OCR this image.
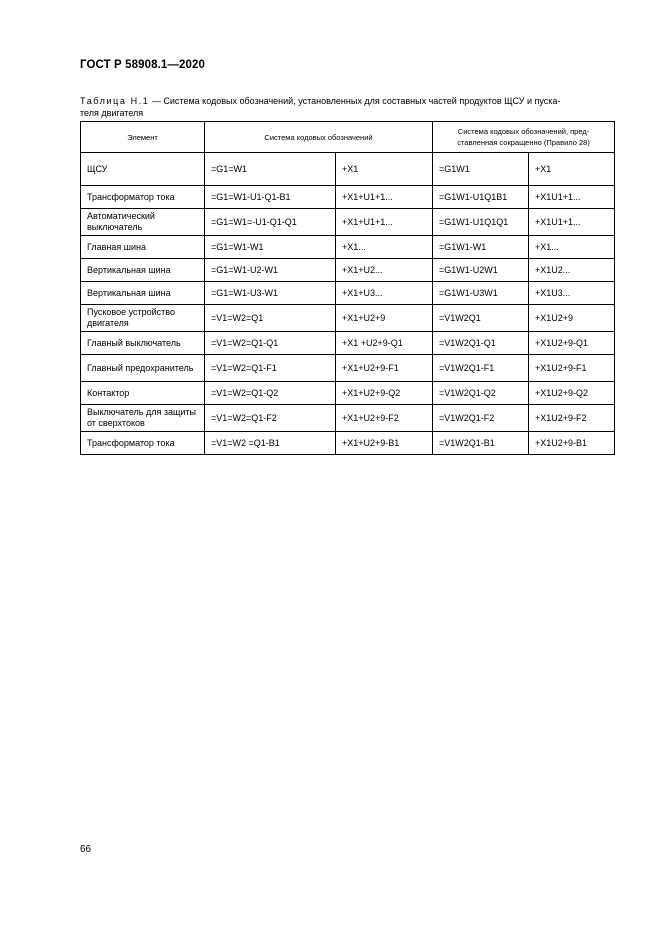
ГОСТ Р 58908.1—2020
Таблица Н.1 — Система кодовых обозначений, установленных для составных частей продуктов ЩСУ и пуска-
теля двигателя
Элемент	Система кодовых обозначений		Система кодовых обозначений, пред-
ставленная сокращенно (Правило 28)	
ЩСУ	=G1=W1	+X1	=G1W1	+X1
Трансформатор тока	=G1=W1-U1-Q1-B1	+X1+U1+1...	=G1W1-U1Q1B1	+X1U1+1...
Автоматический выключатель	=G1=W1=-U1-Q1-Q1	+X1+U1+1...	=G1W1-U1Q1Q1	+X1U1+1...
Главная шина	=G1=W1-W1	+X1...	=G1W1-W1	+X1...
Вертикальная шина	=G1=W1-U2-W1	+X1+U2...	=G1W1-U2W1	+X1U2...
Вертикальная шина	=G1=W1-U3-W1	+X1+U3...	=G1W1-U3W1	+X1U3...
Пусковое устройство двигателя	=V1=W2=Q1	+X1+U2+9	=V1W2Q1	+X1U2+9
Главный выключатель	=V1=W2=Q1-Q1	+X1 +U2+9-Q1	=V1W2Q1-Q1	+X1U2+9-Q1
Главный предохранитель	=V1=W2=Q1-F1	+X1+U2+9-F1	=V1W2Q1-F1	+X1U2+9-F1
Контактор	=V1=W2=Q1-Q2	+X1+U2+9-Q2	=V1W2Q1-Q2	+X1U2+9-Q2
Выключатель для защиты от сверхтоков	=V1=W2=Q1-F2	+X1+U2+9-F2	=V1W2Q1-F2	+X1U2+9-F2
Трансформатор тока	=V1=W2 =Q1-B1	+X1+U2+9-B1	=V1W2Q1-B1	+X1U2+9-B1
66
